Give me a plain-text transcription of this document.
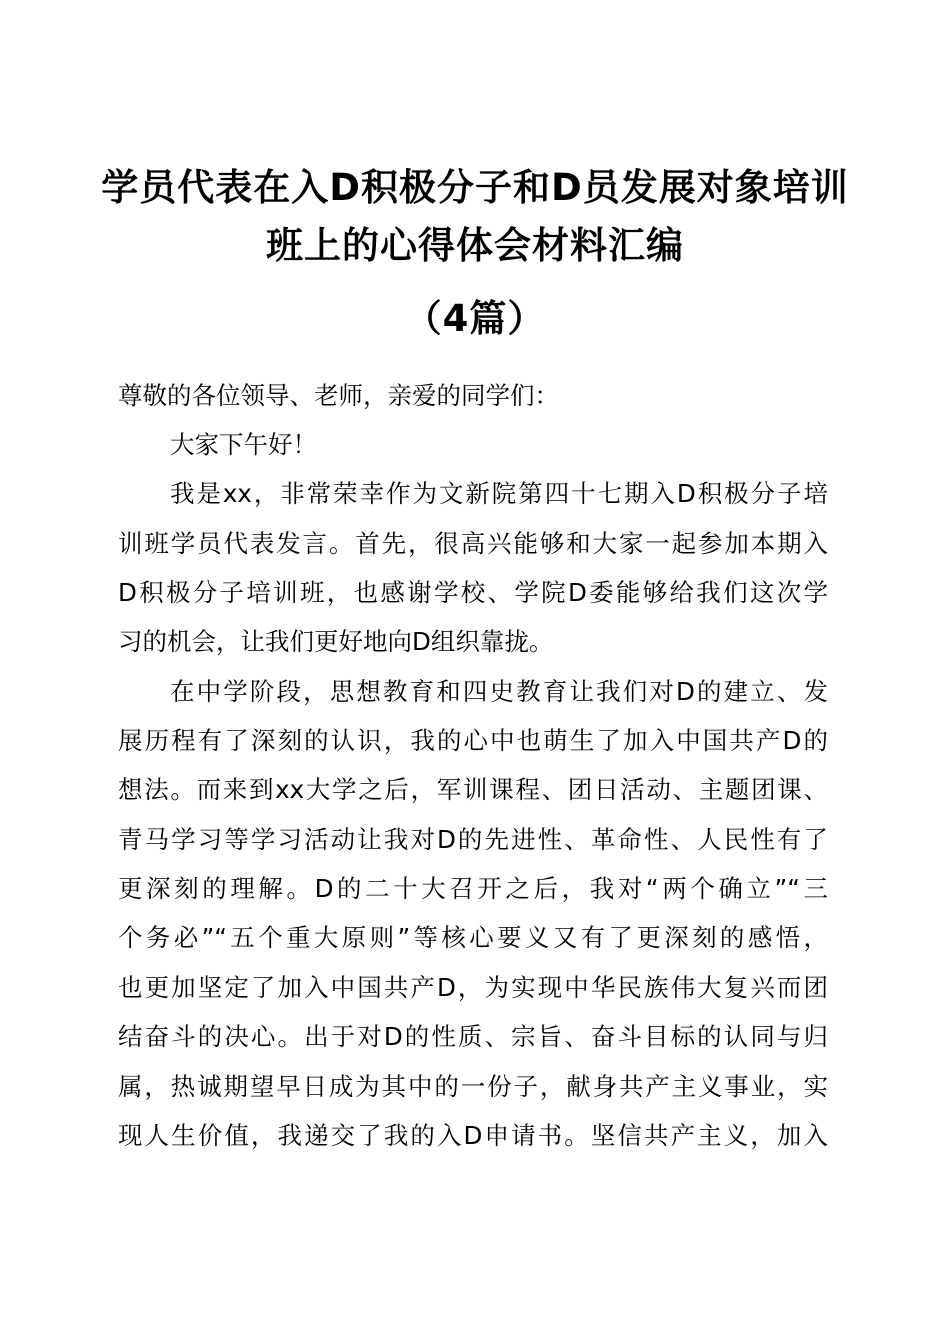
学员代表在入D积极分子和D员发展对象培训
班上的心得体会材料汇编
（4篇）
尊敬的各位领导、老师，亲爱的同学们：
大家下午好！
我是xx，非常荣幸作为文新院第四十七期入D积极分子培
训班学员代表发言。首先，很高兴能够和大家一起参加本期入
D积极分子培训班，也感谢学校、学院D委能够给我们这次学
习的机会，让我们更好地向D组织靠拢。
在中学阶段，思想教育和四史教育让我们对D的建立、发
展历程有了深刻的认识，我的心中也萌生了加入中国共产D的
想法。而来到xx大学之后，军训课程、团日活动、主题团课、
青马学习等学习活动让我对D的先进性、革命性、人民性有了
更深刻的理解。D的二十大召开之后，我对“两个确立”“三
个务必”“五个重大原则”等核心要义又有了更深刻的感悟，
也更加坚定了加入中国共产D，为实现中华民族伟大复兴而团
结奋斗的决心。出于对D的性质、宗旨、奋斗目标的认同与归
属，热诚期望早日成为其中的一份子，献身共产主义事业，实
现人生价值，我递交了我的入D申请书。坚信共产主义，加入
